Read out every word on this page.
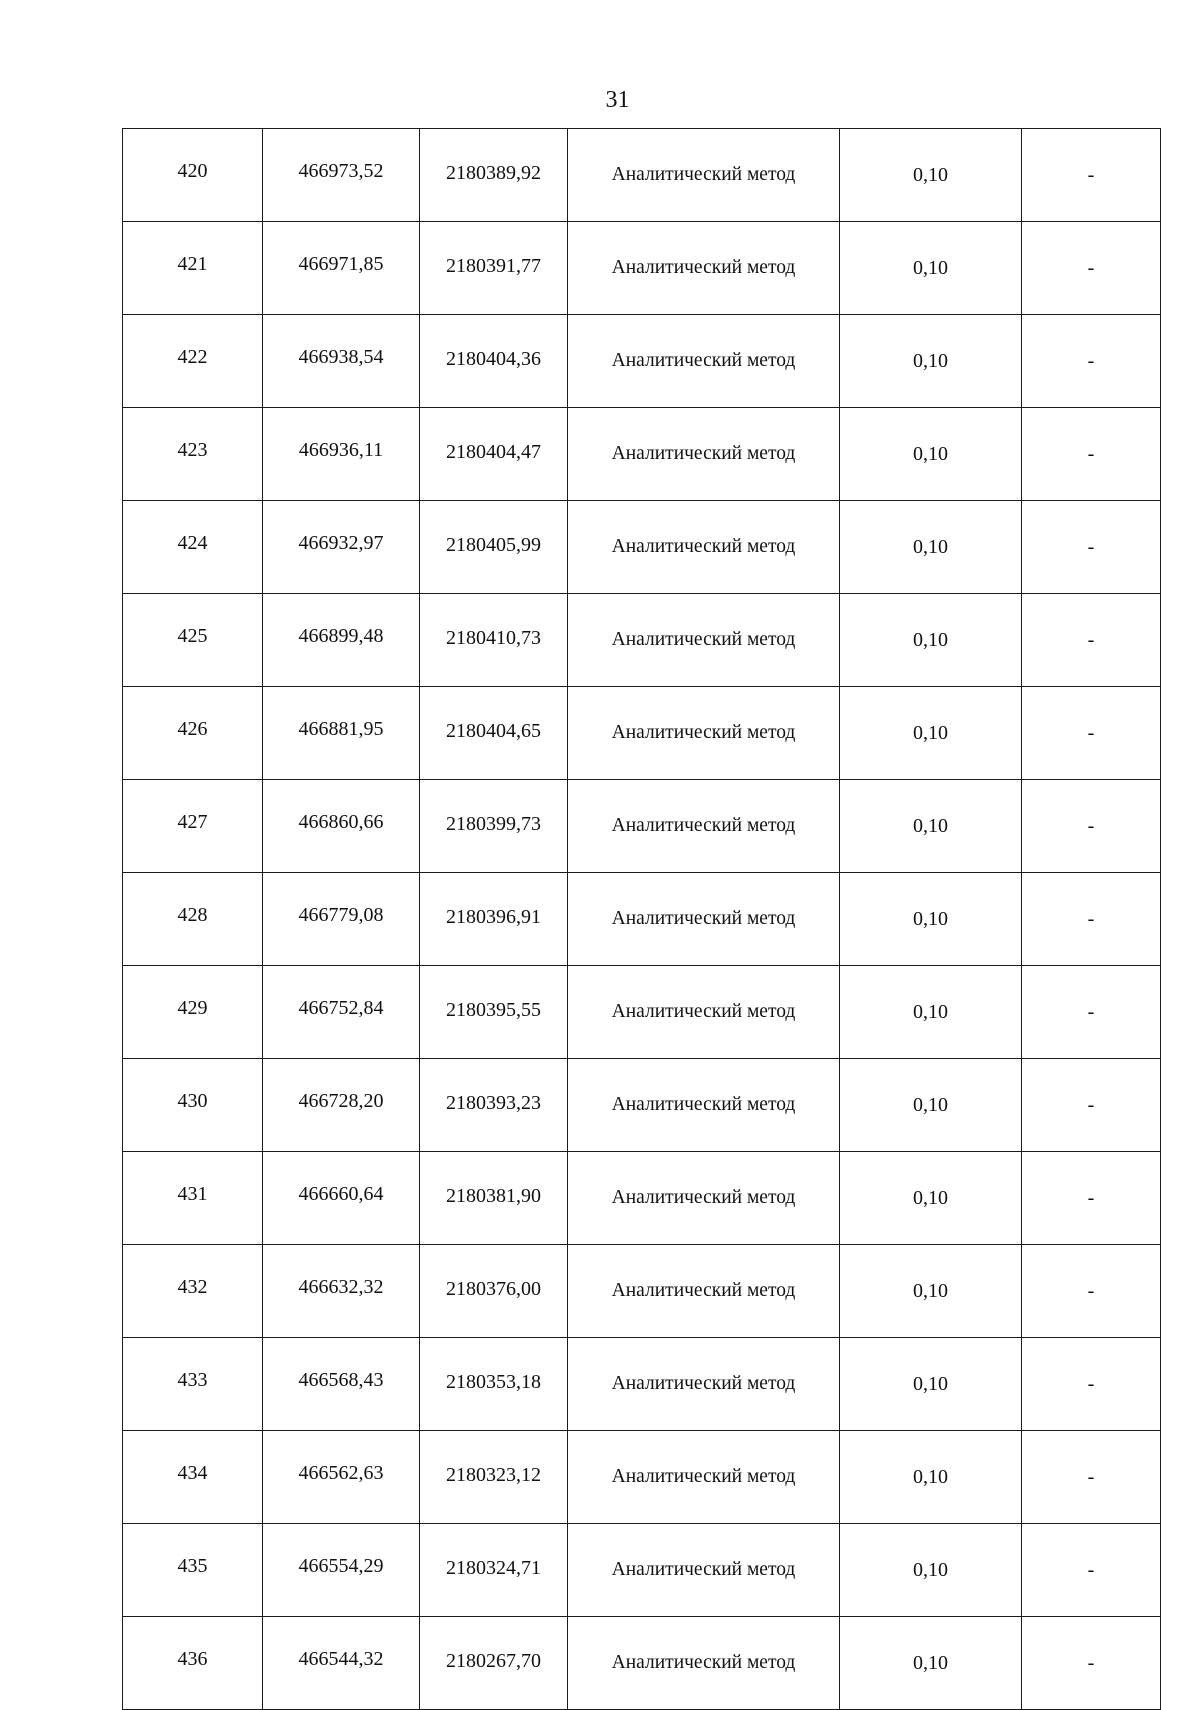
31
420	466973,52	2180389,92	Аналитический метод	0,10	-
421	466971,85	2180391,77	Аналитический метод	0,10	-
422	466938,54	2180404,36	Аналитический метод	0,10	-
423	466936,11	2180404,47	Аналитический метод	0,10	-
424	466932,97	2180405,99	Аналитический метод	0,10	-
425	466899,48	2180410,73	Аналитический метод	0,10	-
426	466881,95	2180404,65	Аналитический метод	0,10	-
427	466860,66	2180399,73	Аналитический метод	0,10	-
428	466779,08	2180396,91	Аналитический метод	0,10	-
429	466752,84	2180395,55	Аналитический метод	0,10	-
430	466728,20	2180393,23	Аналитический метод	0,10	-
431	466660,64	2180381,90	Аналитический метод	0,10	-
432	466632,32	2180376,00	Аналитический метод	0,10	-
433	466568,43	2180353,18	Аналитический метод	0,10	-
434	466562,63	2180323,12	Аналитический метод	0,10	-
435	466554,29	2180324,71	Аналитический метод	0,10	-
436	466544,32	2180267,70	Аналитический метод	0,10	-
